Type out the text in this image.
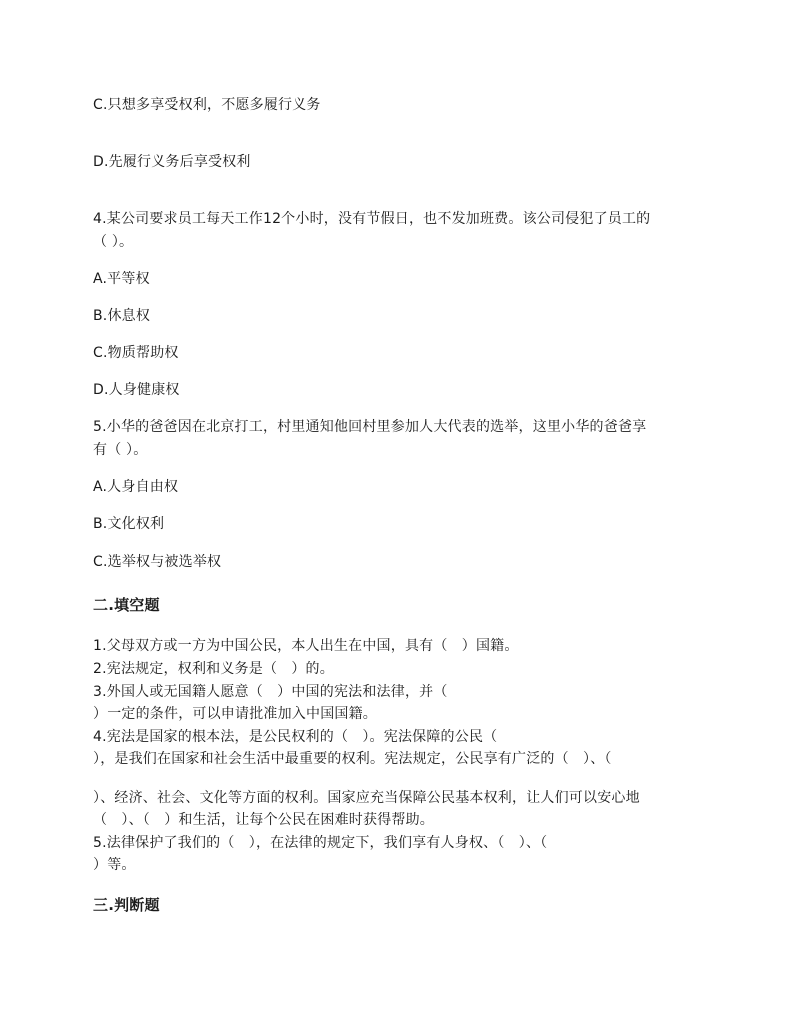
C.只想多享受权利，不愿多履行义务
D.先履行义务后享受权利
4.某公司要求员工每天工作12个小时，没有节假日，也不发加班费。该公司侵犯了员工的
（ ）。
A.平等权
B.休息权
C.物质帮助权
D.人身健康权
5.小华的爸爸因在北京打工，村里通知他回村里参加人大代表的选举，这里小华的爸爸享
有（ ）。
A.人身自由权
B.文化权利
C.选举权与被选举权
二.填空题
1.父母双方或一方为中国公民，本人出生在中国，具有（　）国籍。
2.宪法规定，权利和义务是（　）的。
3.外国人或无国籍人愿意（　）中国的宪法和法律，并（
）一定的条件，可以申请批准加入中国国籍。
4.宪法是国家的根本法，是公民权利的（　）。宪法保障的公民（
），是我们在国家和社会生活中最重要的权利。宪法规定，公民享有广泛的（　）、（
）、经济、社会、文化等方面的权利。国家应充当保障公民基本权利，让人们可以安心地
（　）、（　）和生活，让每个公民在困难时获得帮助。
5.法律保护了我们的（　），在法律的规定下，我们享有人身权、（　）、（
）等。
三.判断题
